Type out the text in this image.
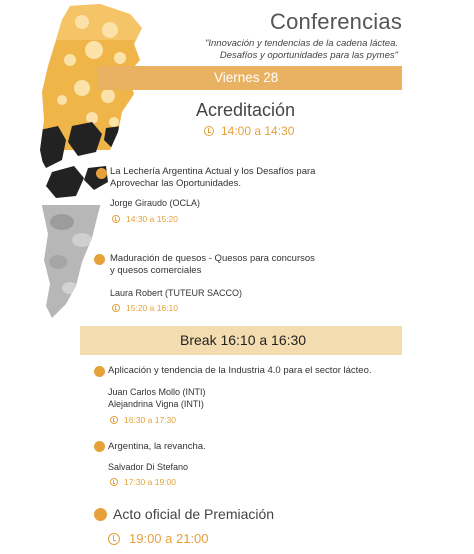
Conferencias
"Innovación y tendencias de la cadena láctea.
Desafíos y oportunidades para las pymes"
Viernes 28
Acreditación
14:00 a 14:30
La Lechería Argentina Actual y los Desafíos para
Aprovechar las Oportunidades.
Jorge Giraudo (OCLA)
14:30 a 15:20
Maduración de quesos - Quesos para concursos
y quesos comerciales
Laura Robert (TUTEUR SACCO)
15:20 a 16:10
Break 16:10 a 16:30
Aplicación y tendencia de la Industria 4.0 para el sector lácteo.
Juan Carlos Mollo (INTI)
Alejandrina Vigna (INTI)
16:30 a 17:30
Argentina, la revancha.
Salvador Di Stefano
17:30 a 19:00
Acto oficial de Premiación
19:00 a 21:00
